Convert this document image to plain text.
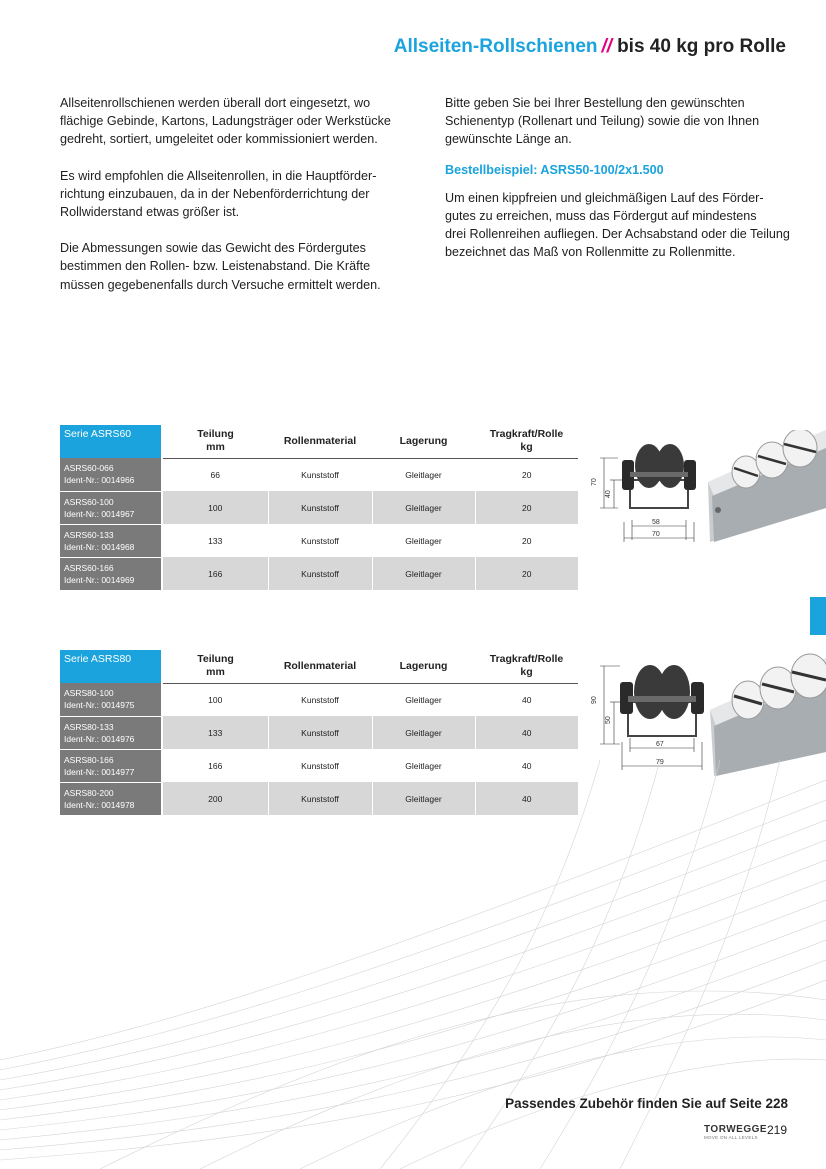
Allseiten-Rollschienen // bis 40 kg pro Rolle

Allseitenrollschienen werden überall dort eingesetzt, wo
flächige Gebinde, Kartons, Ladungsträger oder Werkstücke
gedreht, sortiert, umgeleitet oder kommissioniert werden.

Es wird empfohlen die Allseitenrollen, in die Hauptförder-
richtung einzubauen, da in der Nebenförderrichtung der
Rollwiderstand etwas größer ist.

Die Abmessungen sowie das Gewicht des Fördergutes
bestimmen den Rollen- bzw. Leistenabstand. Die Kräfte
müssen gegebenenfalls durch Versuche ermittelt werden.

Bitte geben Sie bei Ihrer Bestellung den gewünschten
Schienentyp (Rollenart und Teilung) sowie die von Ihnen
gewünschte Länge an.

Bestellbeispiel: ASRS50-100/2x1.500

Um einen kippfreien und gleichmäßigen Lauf des Förder-
gutes zu erreichen, muss das Fördergut auf mindestens
drei Rollenreihen aufliegen. Der Achsabstand oder die Teilung
bezeichnet das Maß von Rollenmitte zu Rollenmitte.

Serie ASRS60	Teilung
mm	Rollenmaterial	Lagerung	Tragkraft/Rolle
kg
ASRS60-066
Ident-Nr.: 0014966	66	Kunststoff	Gleitlager	20
ASRS60-100
Ident-Nr.: 0014967	100	Kunststoff	Gleitlager	20
ASRS60-133
Ident-Nr.: 0014968	133	Kunststoff	Gleitlager	20
ASRS60-166
Ident-Nr.: 0014969	166	Kunststoff	Gleitlager	20
70
40
58
70
Serie ASRS80	Teilung
mm	Rollenmaterial	Lagerung	Tragkraft/Rolle
kg
ASRS80-100
Ident-Nr.: 0014975	100	Kunststoff	Gleitlager	40
ASRS80-133
Ident-Nr.: 0014976	133	Kunststoff	Gleitlager	40
ASRS80-166
Ident-Nr.: 0014977	166	Kunststoff	Gleitlager	40
ASRS80-200
Ident-Nr.: 0014978	200	Kunststoff	Gleitlager	40
90
50
67
79
Passendes Zubehör finden Sie auf Seite 228
TORWEGGE
MOVE ON ALL LEVELS
219
